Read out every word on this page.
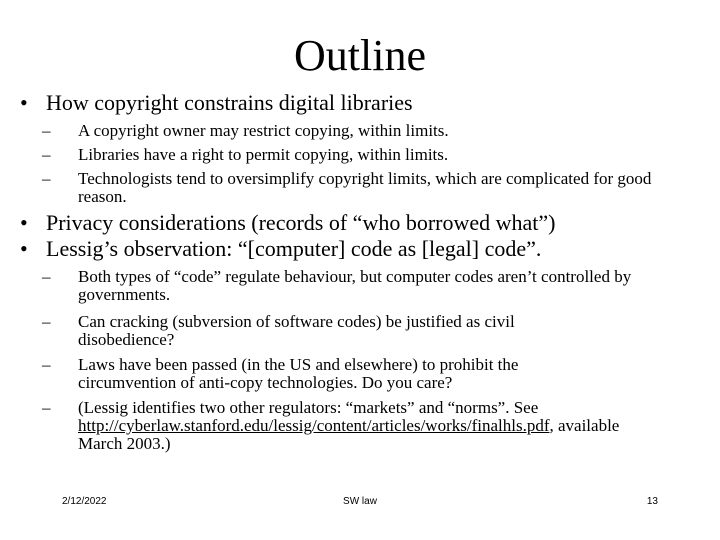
Outline
• How copyright constrains digital libraries
– A copyright owner may restrict copying, within limits.
– Libraries have a right to permit copying, within limits.
– Technologists tend to oversimplify copyright limits, which are complicated for good reason.
• Privacy considerations (records of “who borrowed what”)
• Lessig’s observation: “[computer] code as [legal] code”.
– Both types of “code” regulate behaviour, but computer codes aren’t controlled by governments.
– Can cracking (subversion of software codes) be justified as civil disobedience?
– Laws have been passed (in the US and elsewhere) to prohibit the circumvention of anti-copy technologies. Do you care?
– (Lessig identifies two other regulators: “markets” and “norms”. See http://cyberlaw.stanford.edu/lessig/content/articles/works/finalhls.pdf, available March 2003.)
2/12/2022	SW law	13
